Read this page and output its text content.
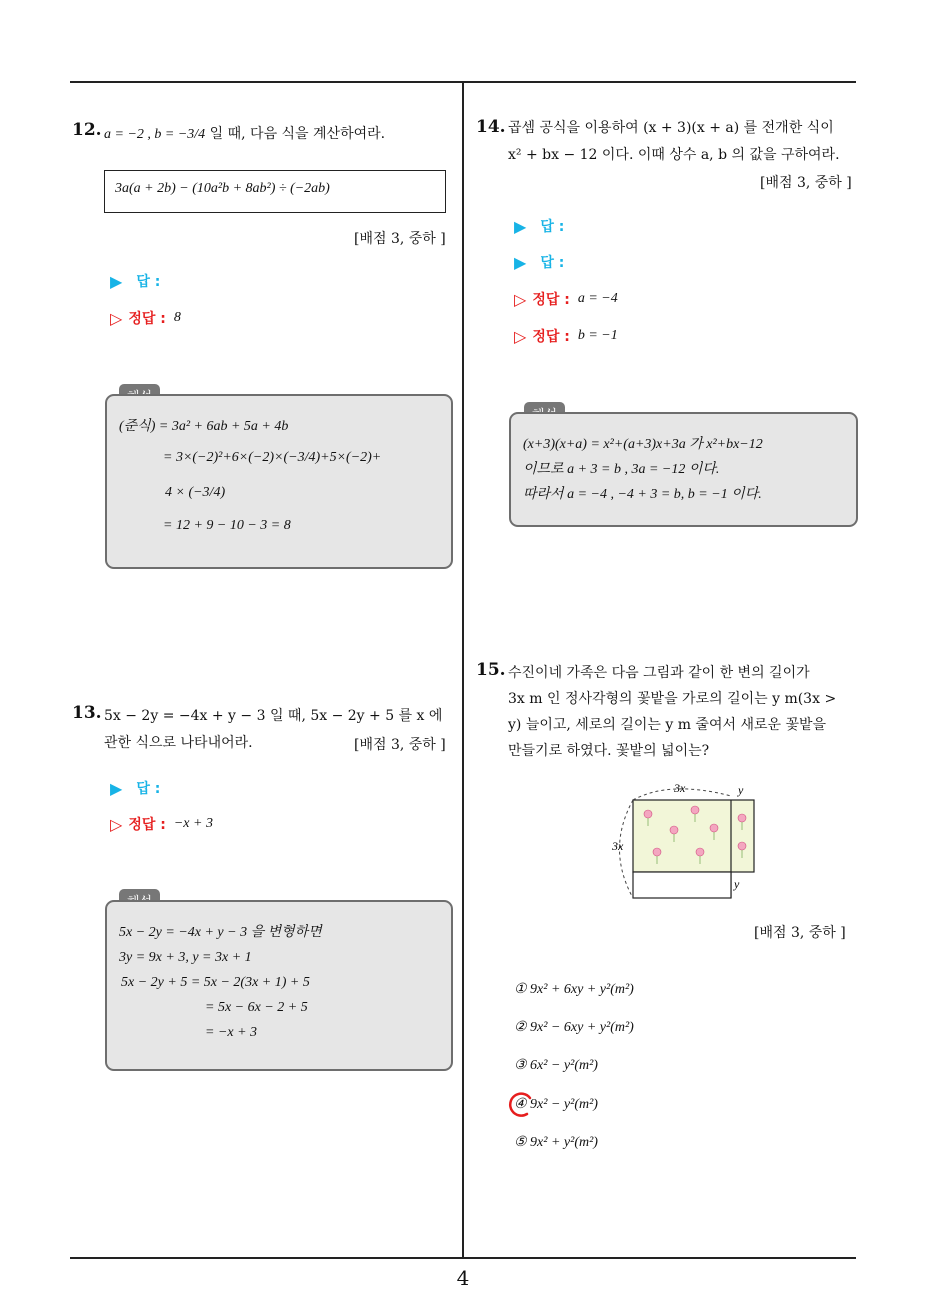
12. a = −2 , b = −3/4 일 때, 다음 식을 계산하여라.
3a(a + 2b) − (10a²b + 8ab²) ÷ (−2ab)
[배점 3, 중하 ]
▶ 답 :
▷ 정답 : 8
(준식) = 3a² + 6ab + 5a + 4b
= 3×(−2)²+6×(−2)×(−3/4)+5×(−2)+
4 × (−3/4)
= 12 + 9 − 10 − 3 = 8
13. 5x − 2y = −4x + y − 3 일 때, 5x − 2y + 5 를 x 에
관한 식으로 나타내어라.	[배점 3, 중하 ]
▶ 답 :
▷ 정답 : −x + 3
5x − 2y = −4x + y − 3 을 변형하면
3y = 9x + 3, y = 3x + 1
5x − 2y + 5 = 5x − 2(3x + 1) + 5
= 5x − 6x − 2 + 5
= −x + 3
14. 곱셈 공식을 이용하여 (x + 3)(x + a) 를 전개한 식이
x² + bx − 12 이다. 이때 상수 a, b 의 값을 구하여라.
[배점 3, 중하 ]
▶ 답 :
▶ 답 :
▷ 정답 : a = −4
▷ 정답 : b = −1
(x+3)(x+a) = x²+(a+3)x+3a 가 x²+bx−12
이므로 a + 3 = b , 3a = −12 이다.
따라서 a = −4 , −4 + 3 = b, b = −1 이다.
15. 수진이네 가족은 다음 그림과 같이 한 변의 길이가
3x m 인 정사각형의 꽃밭을 가로의 길이는 y m(3x >
y) 늘이고, 세로의 길이는 y m 줄여서 새로운 꽃밭을
만들기로 하였다. 꽃밭의 넓이는?
3x	y
3x
y
[배점 3, 중하 ]
① 9x² + 6xy + y²(m²)
② 9x² − 6xy + y²(m²)
③ 6x² − y²(m²)
④ 9x² − y²(m²)
⑤ 9x² + y²(m²)
4
